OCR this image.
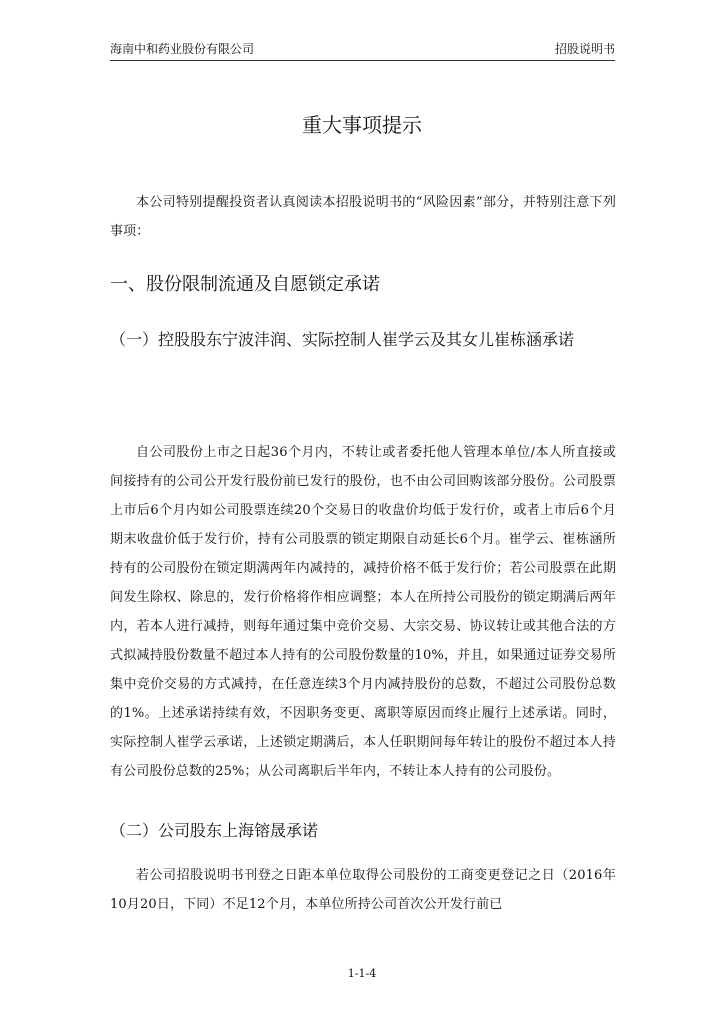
海南中和药业股份有限公司	招股说明书
重大事项提示

本公司特别提醒投资者认真阅读本招股说明书的“风险因素”部分，并特别注意下列事项：

一、股份限制流通及自愿锁定承诺
（一）控股股东宁波沣润、实际控制人崔学云及其女儿崔栋涵承诺

自公司股份上市之日起36个月内，不转让或者委托他人管理本单位/本人所直接或间接持有的公司公开发行股份前已发行的股份，也不由公司回购该部分股份。公司股票上市后6个月内如公司股票连续20个交易日的收盘价均低于发行价，或者上市后6个月期末收盘价低于发行价，持有公司股票的锁定期限自动延长6个月。崔学云、崔栋涵所持有的公司股份在锁定期满两年内减持的，减持价格不低于发行价；若公司股票在此期间发生除权、除息的，发行价格将作相应调整；本人在所持公司股份的锁定期满后两年内，若本人进行减持，则每年通过集中竞价交易、大宗交易、协议转让或其他合法的方式拟减持股份数量不超过本人持有的公司股份数量的10%，并且，如果通过证券交易所集中竞价交易的方式减持，在任意连续3个月内减持股份的总数，不超过公司股份总数的1%。上述承诺持续有效，不因职务变更、离职等原因而终止履行上述承诺。同时，实际控制人崔学云承诺，上述锁定期满后，本人任职期间每年转让的股份不超过本人持有公司股份总数的25%；从公司离职后半年内，不转让本人持有的公司股份。

（二）公司股东上海镕晟承诺

若公司招股说明书刊登之日距本单位取得公司股份的工商变更登记之日（2016年10月20日，下同）不足12个月，本单位所持公司首次公开发行前已

1-1-4
